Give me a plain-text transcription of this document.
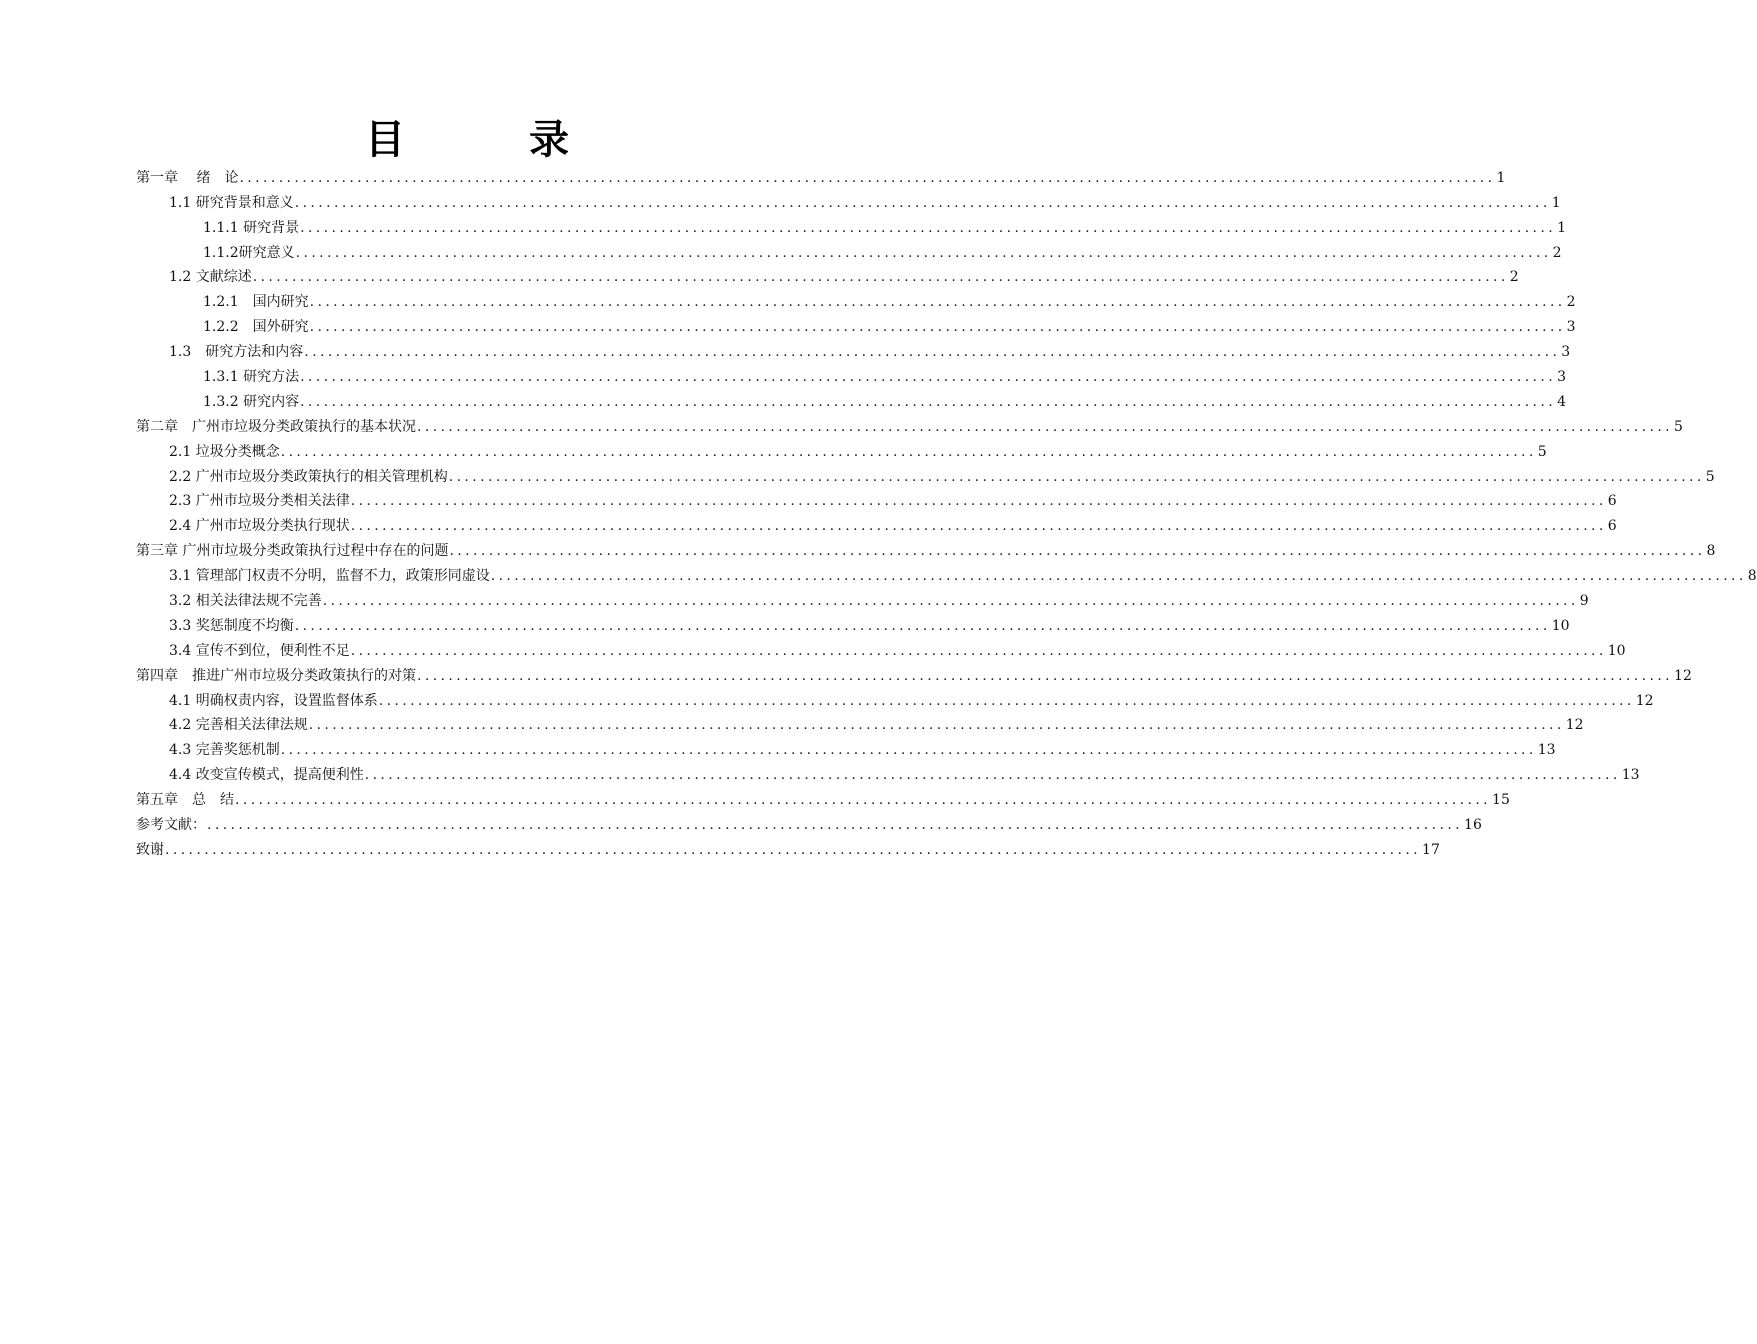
目　录
第一章　 绪　论 ................................................................................................................................................................ 1
1.1 研究背景和意义 ................................................................................................................................................................ 1
1.1.1 研究背景 ................................................................................................................................................................ 1
1.1.2研究意义 ................................................................................................................................................................ 2
1.2 文献综述 ................................................................................................................................................................ 2
1.2.1　国内研究 ................................................................................................................................................................ 2
1.2.2　国外研究 ................................................................................................................................................................ 3
1.3　研究方法和内容 ................................................................................................................................................................ 3
1.3.1 研究方法 ................................................................................................................................................................ 3
1.3.2 研究内容 ................................................................................................................................................................ 4
第二章　广州市垃圾分类政策执行的基本状况 ................................................................................................................................................................ 5
2.1 垃圾分类概念 ................................................................................................................................................................ 5
2.2 广州市垃圾分类政策执行的相关管理机构 ................................................................................................................................................................ 5
2.3 广州市垃圾分类相关法律 ................................................................................................................................................................ 6
2.4 广州市垃圾分类执行现状 ................................................................................................................................................................ 6
第三章 广州市垃圾分类政策执行过程中存在的问题 ................................................................................................................................................................ 8
3.1 管理部门权责不分明，监督不力，政策形同虚设 ................................................................................................................................................................ 8
3.2 相关法律法规不完善 ................................................................................................................................................................ 9
3.3 奖惩制度不均衡 ................................................................................................................................................................ 10
3.4 宣传不到位，便利性不足 ................................................................................................................................................................ 10
第四章　推进广州市垃圾分类政策执行的对策 ................................................................................................................................................................ 12
4.1 明确权责内容，设置监督体系 ................................................................................................................................................................ 12
4.2 完善相关法律法规 ................................................................................................................................................................ 12
4.3 完善奖惩机制 ................................................................................................................................................................ 13
4.4 改变宣传模式，提高便利性 ................................................................................................................................................................ 13
第五章　总　结 ................................................................................................................................................................ 15
参考文献： ................................................................................................................................................................ 16
致谢 ................................................................................................................................................................ 17
